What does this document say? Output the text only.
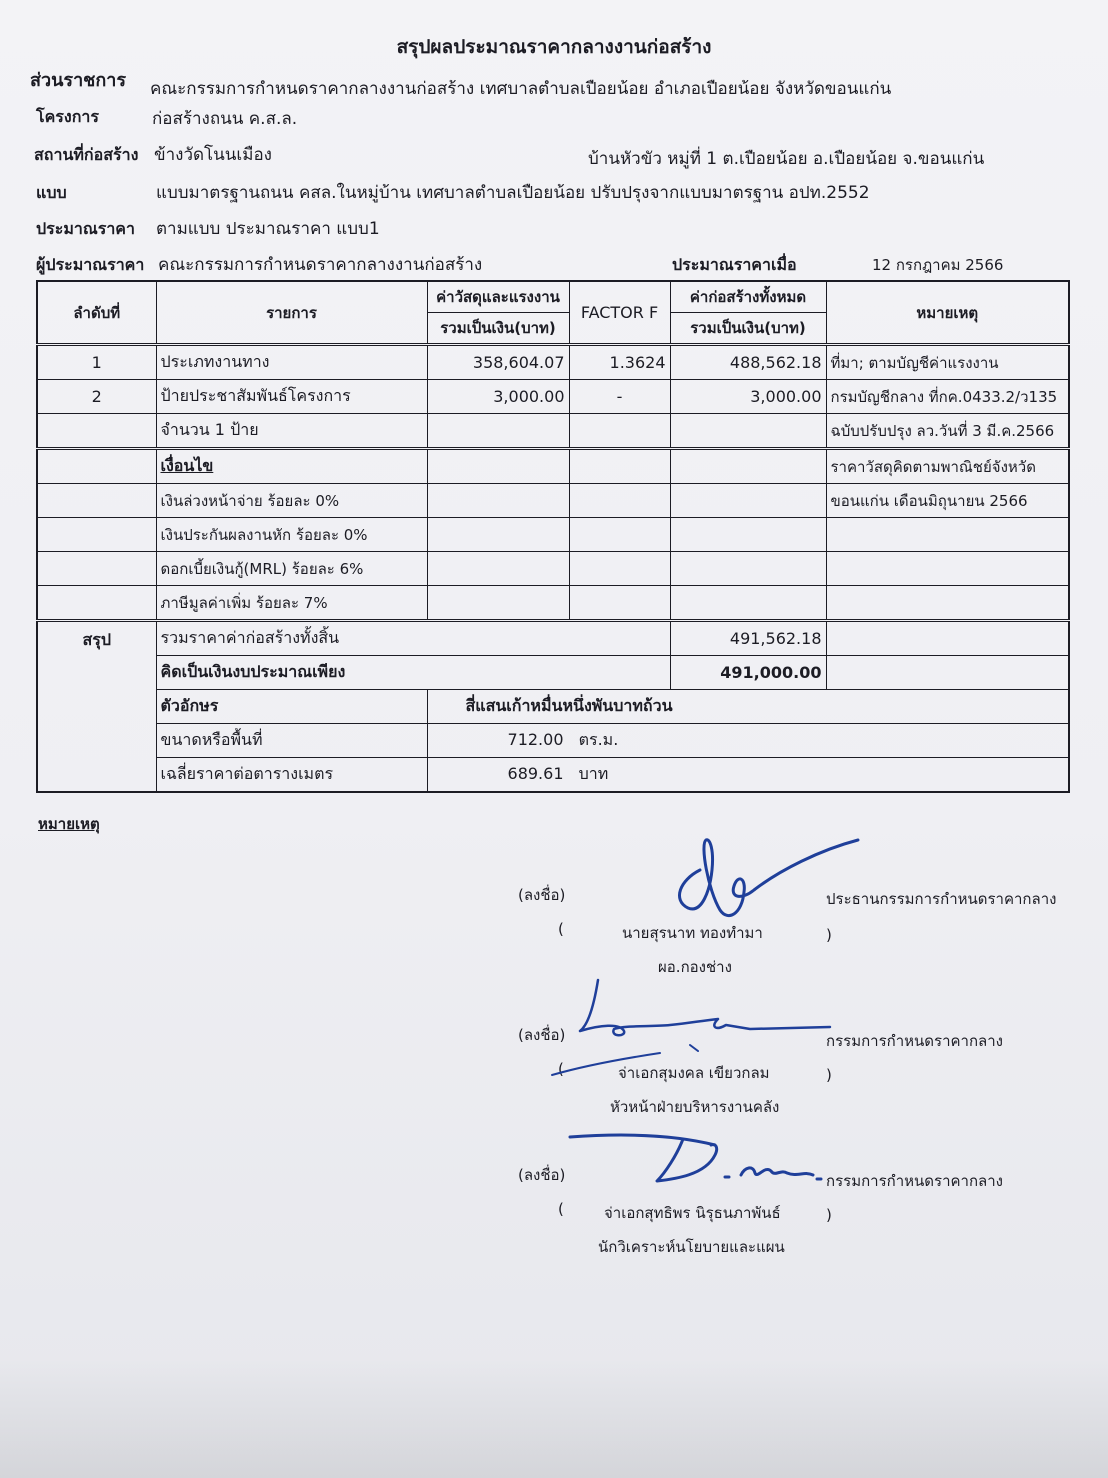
สรุปผลประมาณราคากลางงานก่อสร้าง
ส่วนราชการ คณะกรรมการกำหนดราคากลางงานก่อสร้าง เทศบาลตำบลเปือยน้อย อำเภอเปือยน้อย จังหวัดขอนแก่น
โครงการ	ก่อสร้างถนน ค.ส.ล.
สถานที่ก่อสร้าง ข้างวัดโนนเมือง	บ้านหัวขัว หมู่ที่ 1 ต.เปือยน้อย อ.เปือยน้อย จ.ขอนแก่น
แบบ	แบบมาตรฐานถนน คสล.ในหมู่บ้าน เทศบาลตำบลเปือยน้อย ปรับปรุงจากแบบมาตรฐาน อปท.2552
ประมาณราคา ตามแบบ ประมาณราคา แบบ1
ผู้ประมาณราคา คณะกรรมการกำหนดราคากลางงานก่อสร้าง	ประมาณราคาเมื่อ	12 กรกฎาคม 2566
ลำดับที่	รายการ	ค่าวัสดุและแรงงาน	FACTOR F	ค่าก่อสร้างทั้งหมด	หมายเหตุ
		รวมเป็นเงิน(บาท)		รวมเป็นเงิน(บาท)	
1	ประเภทงานทาง	358,604.07	1.3624	488,562.18	ที่มา; ตามบัญชีค่าแรงงาน
2	ป้ายประชาสัมพันธ์โครงการ	3,000.00	-	3,000.00	กรมบัญชีกลาง ที่กค.0433.2/ว135
	จำนวน 1 ป้าย				ฉบับปรับปรุง ลว.วันที่ 3 มี.ค.2566
	เงื่อนไข				ราคาวัสดุคิดตามพาณิชย์จังหวัด
	เงินล่วงหน้าจ่าย ร้อยละ 0%				ขอนแก่น เดือนมิถุนายน 2566
	เงินประกันผลงานหัก ร้อยละ 0%				
	ดอกเบี้ยเงินกู้(MRL) ร้อยละ 6%				
	ภาษีมูลค่าเพิ่ม ร้อยละ 7%				
สรุป	รวมราคาค่าก่อสร้างทั้งสิ้น			491,562.18	
	คิดเป็นเงินงบประมาณเพียง			491,000.00	
	ตัวอักษร	สี่แสนเก้าหมื่นหนึ่งพันบาทถ้วน			
	ขนาดหรือพื้นที่	712.00 ตร.ม.			
	เฉลี่ยราคาต่อตารางเมตร	689.61 บาท			
หมายเหตุ
(ลงชื่อ)	ประธานกรรมการกำหนดราคากลาง
(	นายสุรนาท ทองทำมา	)
ผอ.กองช่าง
(ลงชื่อ)	กรรมการกำหนดราคากลาง
(	จ่าเอกสุมงคล เขียวกลม	)
หัวหน้าฝ่ายบริหารงานคลัง
(ลงชื่อ)	กรรมการกำหนดราคากลาง
(	จ่าเอกสุทธิพร นิรุธนภาพันธ์	)
นักวิเคราะห์นโยบายและแผน
